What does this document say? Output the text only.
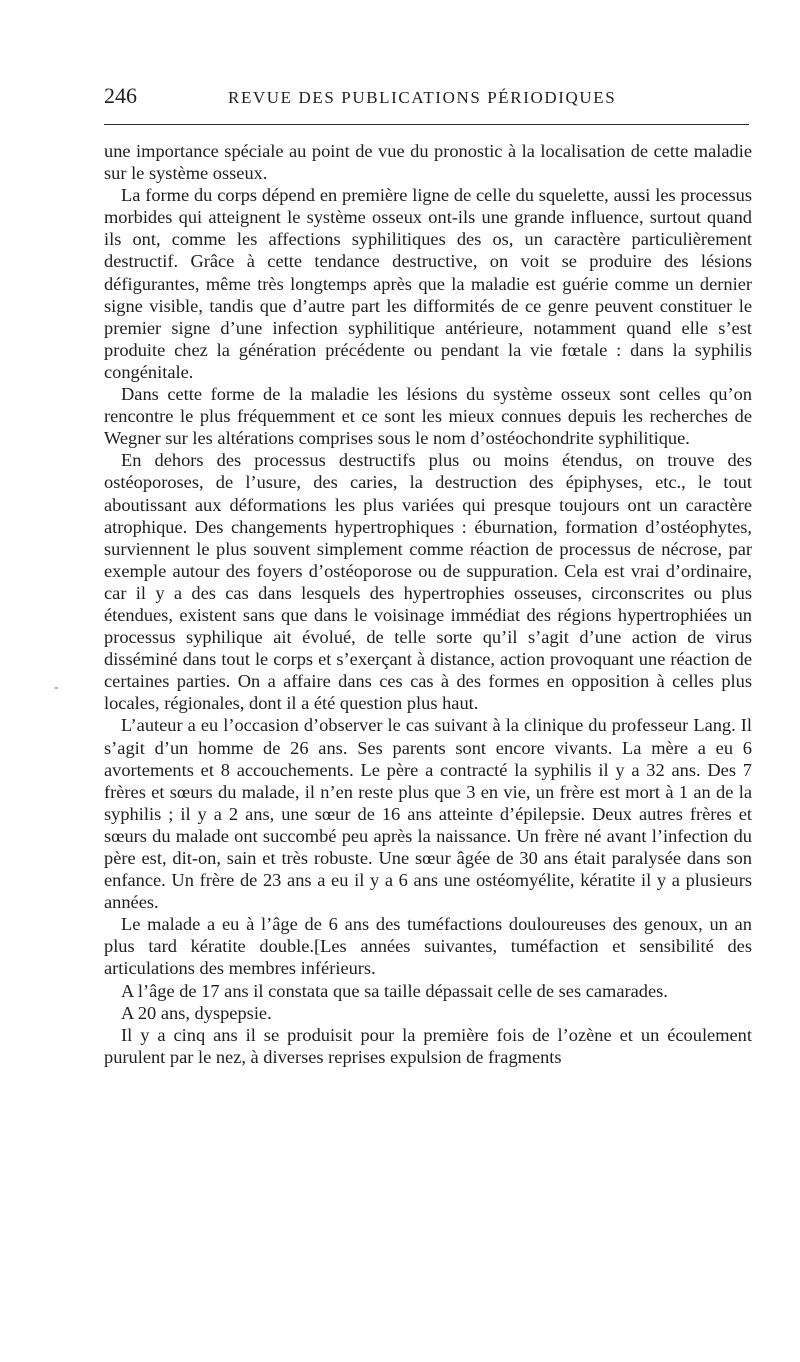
246	REVUE DES PUBLICATIONS PÉRIODIQUES
-

une importance spéciale au point de vue du pronostic à la localisation de cette maladie sur le système osseux.

La forme du corps dépend en première ligne de celle du squelette, aussi les processus morbides qui atteignent le système osseux ont-ils une grande influence, surtout quand ils ont, comme les affections syphilitiques des os, un caractère particulièrement destructif. Grâce à cette tendance destructive, on voit se produire des lésions défigurantes, même très longtemps après que la maladie est guérie comme un dernier signe visible, tandis que d’autre part les difformités de ce genre peuvent constituer le premier signe d’une infection syphilitique antérieure, notamment quand elle s’est produite chez la génération précédente ou pendant la vie fœtale : dans la syphilis congénitale.

Dans cette forme de la maladie les lésions du système osseux sont celles qu’on rencontre le plus fréquemment et ce sont les mieux connues depuis les recherches de Wegner sur les altérations comprises sous le nom d’ostéochondrite syphilitique.

En dehors des processus destructifs plus ou moins étendus, on trouve des ostéoporoses, de l’usure, des caries, la destruction des épiphyses, etc., le tout aboutissant aux déformations les plus variées qui presque toujours ont un caractère atrophique. Des changements hypertrophiques : éburnation, formation d’ostéophytes, surviennent le plus souvent simplement comme réaction de processus de nécrose, par exemple autour des foyers d’ostéoporose ou de suppuration. Cela est vrai d’ordinaire, car il y a des cas dans lesquels des hypertrophies osseuses, circonscrites ou plus étendues, existent sans que dans le voisinage immédiat des régions hypertrophiées un processus syphilique ait évolué, de telle sorte qu’il s’agit d’une action de virus disséminé dans tout le corps et s’exerçant à distance, action provoquant une réaction de certaines parties. On a affaire dans ces cas à des formes en opposition à celles plus locales, régionales, dont il a été question plus haut.

L’auteur a eu l’occasion d’observer le cas suivant à la clinique du professeur Lang. Il s’agit d’un homme de 26 ans. Ses parents sont encore vivants. La mère a eu 6 avortements et 8 accouchements. Le père a contracté la syphilis il y a 32 ans. Des 7 frères et sœurs du malade, il n’en reste plus que 3 en vie, un frère est mort à 1 an de la syphilis ; il y a 2 ans, une sœur de 16 ans atteinte d’épilepsie. Deux autres frères et sœurs du malade ont succombé peu après la naissance. Un frère né avant l’infection du père est, dit-on, sain et très robuste. Une sœur âgée de 30 ans était paralysée dans son enfance. Un frère de 23 ans a eu il y a 6 ans une ostéomyélite, kératite il y a plusieurs années.

Le malade a eu à l’âge de 6 ans des tuméfactions douloureuses des genoux, un an plus tard kératite double.[Les années suivantes, tuméfaction et sensibilité des articulations des membres inférieurs.

A l’âge de 17 ans il constata que sa taille dépassait celle de ses camarades.

A 20 ans, dyspepsie.

Il y a cinq ans il se produisit pour la première fois de l’ozène et un écoulement purulent par le nez, à diverses reprises expulsion de fragments
